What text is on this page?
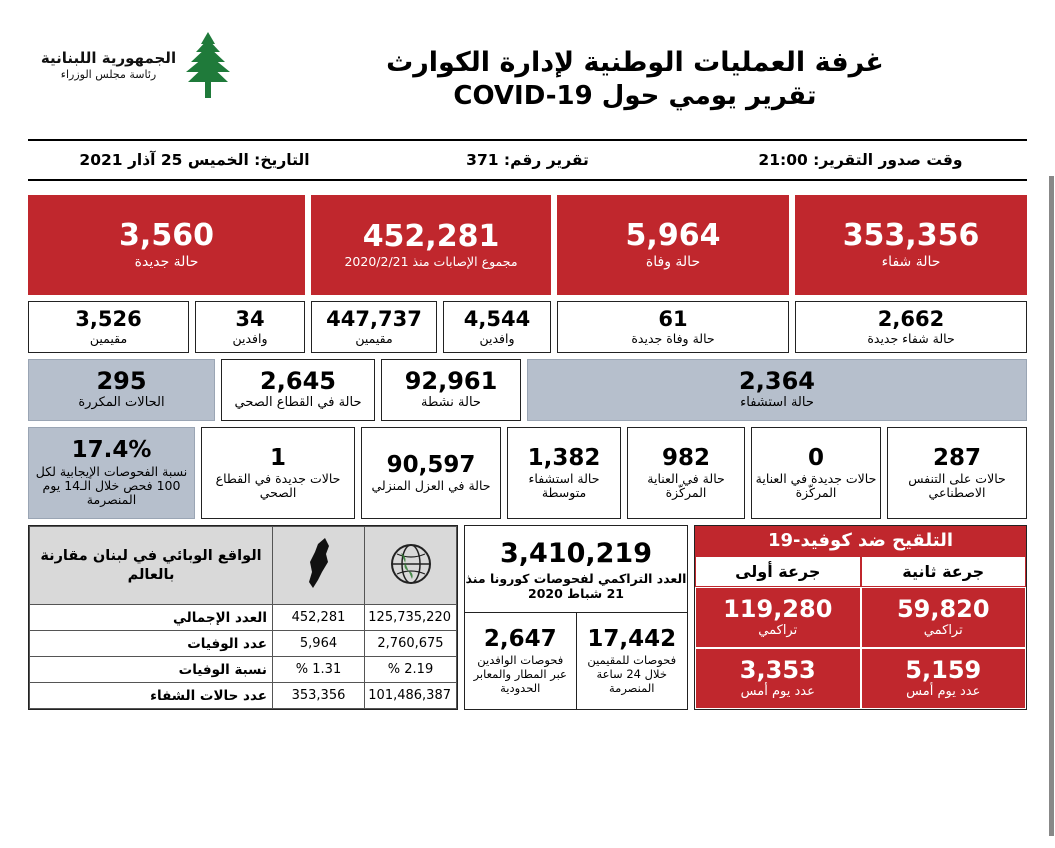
الجمهورية اللبنانية
رئاسة مجلس الوزراء	غرفة العمليات الوطنية لإدارة الكوارث
تقرير يومي حول COVID-19
وقت صدور التقرير: 21:00
تقرير رقم: 371
التاريخ: الخميس 25 آذار 2021
353,356
حالة شفاء
5,964
حالة وفاة
452,281
مجموع الإصابات منذ 2020/2/21
3,560
حالة جديدة
2,662
حالة شفاء جديدة
61
حالة وفاة جديدة
4,544
وافدين
447,737
مقيمين
34
وافدين
3,526
مقيمين
2,364
حالة استشفاء
92,961
حالة نشطة
2,645
حالة في القطاع الصحي
295
الحالات المكررة
287
حالات على التنفس الاصطناعي
0
حالات جديدة في العناية المركّزة
982
حالة في العناية المركّزة
1,382
حالة استشفاء متوسطة
90,597
حالة في العزل المنزلي
1
حالات جديدة في القطاع الصحي
17.4%
نسبة الفحوصات الإيجابية لكل 100 فحص خلال الـ14 يوم المنصرمة
التلقيح ضد كوفيد-19
جرعة ثانية
جرعة أولى
59,820
تراكمي
5,159
عدد يوم أمس
119,280
تراكمي
3,353
عدد يوم أمس
3,410,219
العدد التراكمي لفحوصات كورونا منذ 21 شباط 2020
17,442
فحوصات للمقيمين خلال 24 ساعة المنصرمة
2,647
فحوصات الوافدين عبر المطار والمعابر الحدودية

الواقع الوبائي في لبنان مقارنة بالعالم

125,735,220	452,281	العدد الإجمالي
2,760,675	5,964	عدد الوفيات
2.19 %	1.31 %	نسبة الوفيات
101,486,387	353,356	عدد حالات الشفاء
